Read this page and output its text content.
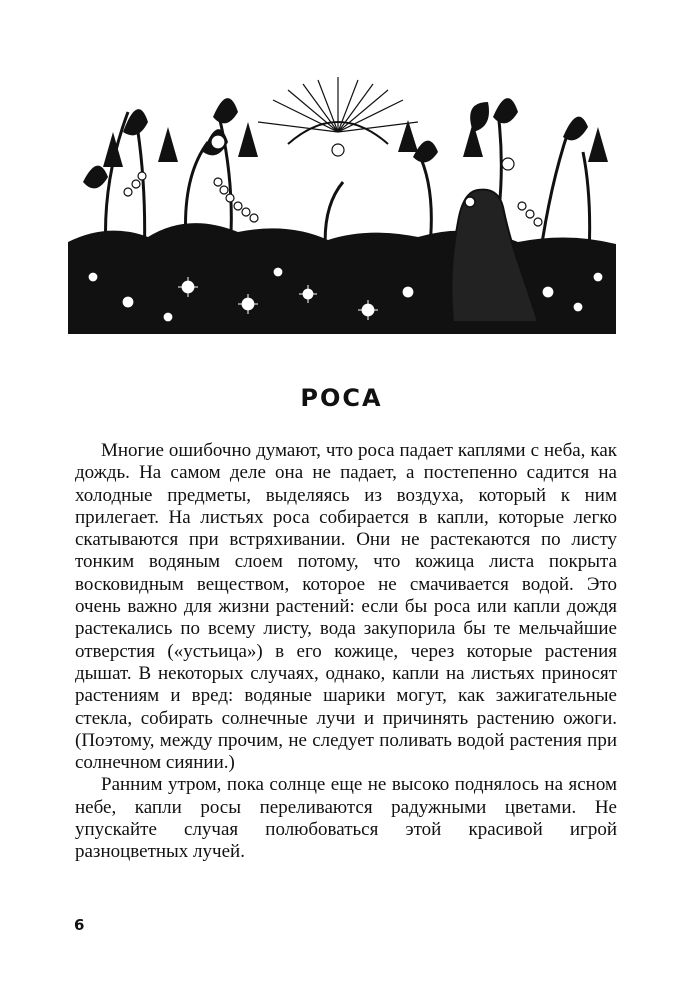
РОСА

Многие ошибочно думают, что роса падает каплями с неба, как дождь. На самом деле она не падает, а постепенно садится на холодные предметы, выделяясь из воздуха, который к ним прилегает. На листьях роса собирается в капли, которые легко скатываются при встряхивании. Они не растекаются по листу тонким водяным слоем потому, что кожица листа покрыта восковидным веществом, которое не смачивается водой. Это очень важно для жизни растений: если бы роса или капли дождя растекались по всему листу, вода закупорила бы те мельчайшие отверстия («устьица») в его кожице, через которые растения дышат. В некоторых случаях, однако, капли на листьях приносят растениям и вред: водяные шарики могут, как зажигательные стекла, собирать солнечные лучи и причинять растению ожоги. (Поэтому, между прочим, не следует поливать водой растения при солнечном сиянии.)

Ранним утром, пока солнце еще не высоко поднялось на ясном небе, капли росы переливаются радужными цветами. Не упускайте случая полюбоваться этой красивой игрой разноцветных лучей.

6
